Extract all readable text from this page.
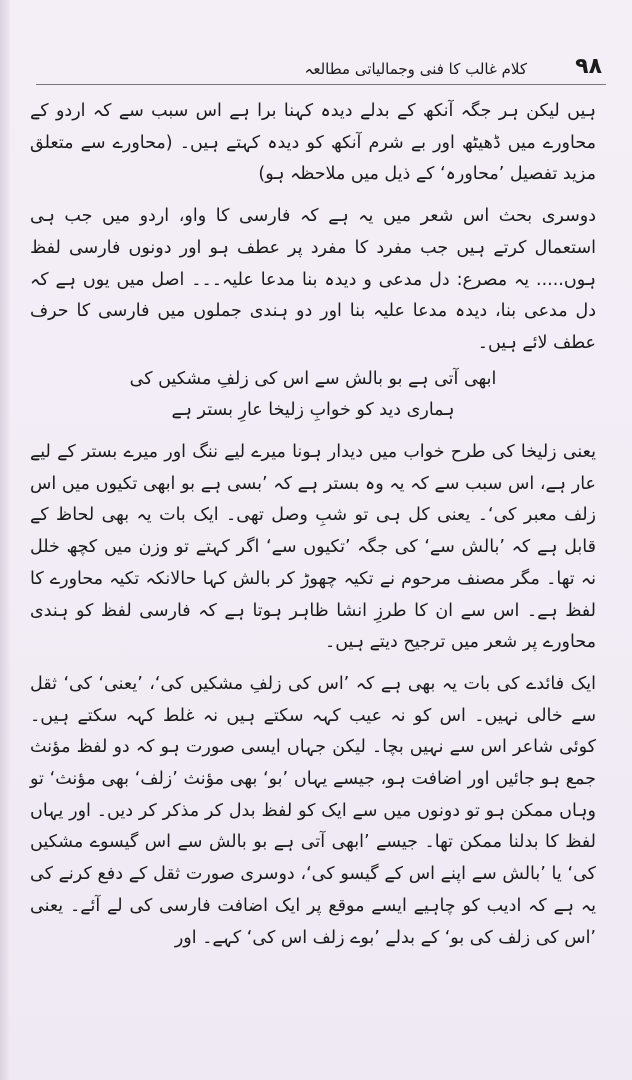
۹۸
کلام غالب کا فنی وجمالیاتی مطالعہ

ہیں لیکن ہر جگہ آنکھ کے بدلے دیدہ کہنا برا ہے اس سبب سے کہ اردو کے محاورے میں ڈھیٹھ اور بے شرم آنکھ کو دیدہ کہتے ہیں۔ (محاورے سے متعلق مزید تفصیل ’محاورہ‘ کے ذیل میں ملاحظہ ہو)

دوسری بحث اس شعر میں یہ ہے کہ فارسی کا واو، اردو میں جب ہی استعمال کرتے ہیں جب مفرد کا مفرد پر عطف ہو اور دونوں فارسی لفظ ہوں..... یہ مصرع: دل مدعی و دیدہ بنا مدعا علیہ۔۔۔ اصل میں یوں ہے کہ دل مدعی بنا، دیدہ مدعا علیہ بنا اور دو ہندی جملوں میں فارسی کا حرف عطف لائے ہیں۔

ابھی آتی ہے بو بالش سے اس کی زلفِ مشکیں کی
ہماری دید کو خوابِ زلیخا عارِ بستر ہے

یعنی زلیخا کی طرح خواب میں دیدار ہونا میرے لیے ننگ اور میرے بستر کے لیے عار ہے، اس سبب سے کہ یہ وہ بستر ہے کہ ’بسی ہے بو ابھی تکیوں میں اس زلف معبر کی‘۔ یعنی کل ہی تو شبِ وصل تھی۔ ایک بات یہ بھی لحاظ کے قابل ہے کہ ’بالش سے‘ کی جگہ ’تکیوں سے‘ اگر کہتے تو وزن میں کچھ خلل نہ تھا۔ مگر مصنف مرحوم نے تکیہ چھوڑ کر بالش کہا حالانکہ تکیہ محاورے کا لفظ ہے۔ اس سے ان کا طرزِ انشا ظاہر ہوتا ہے کہ فارسی لفظ کو ہندی محاورے پر شعر میں ترجیح دیتے ہیں۔

ایک فائدے کی بات یہ بھی ہے کہ ’اس کی زلفِ مشکیں کی‘، ’یعنی‘ کی‘ ثقل سے خالی نہیں۔ اس کو نہ عیب کہہ سکتے ہیں نہ غلط کہہ سکتے ہیں۔ کوئی شاعر اس سے نہیں بچا۔ لیکن جہاں ایسی صورت ہو کہ دو لفظ مؤنث جمع ہو جائیں اور اضافت ہو، جیسے یہاں ’بو‘ بھی مؤنث ’زلف‘ بھی مؤنث‘ تو وہاں ممکن ہو تو دونوں میں سے ایک کو لفظ بدل کر مذکر کر دیں۔ اور یہاں لفظ کا بدلنا ممکن تھا۔ جیسے ’ابھی آتی ہے بو بالش سے اس گیسوے مشکیں کی‘ یا ’بالش سے اپنے اس کے گیسو کی‘، دوسری صورت ثقل کے دفع کرنے کی یہ ہے کہ ادیب کو چاہیے ایسے موقع پر ایک اضافت فارسی کی لے آئے۔ یعنی ’اس کی زلف کی بو‘ کے بدلے ’بوے زلف اس کی‘ کہے۔ اور
